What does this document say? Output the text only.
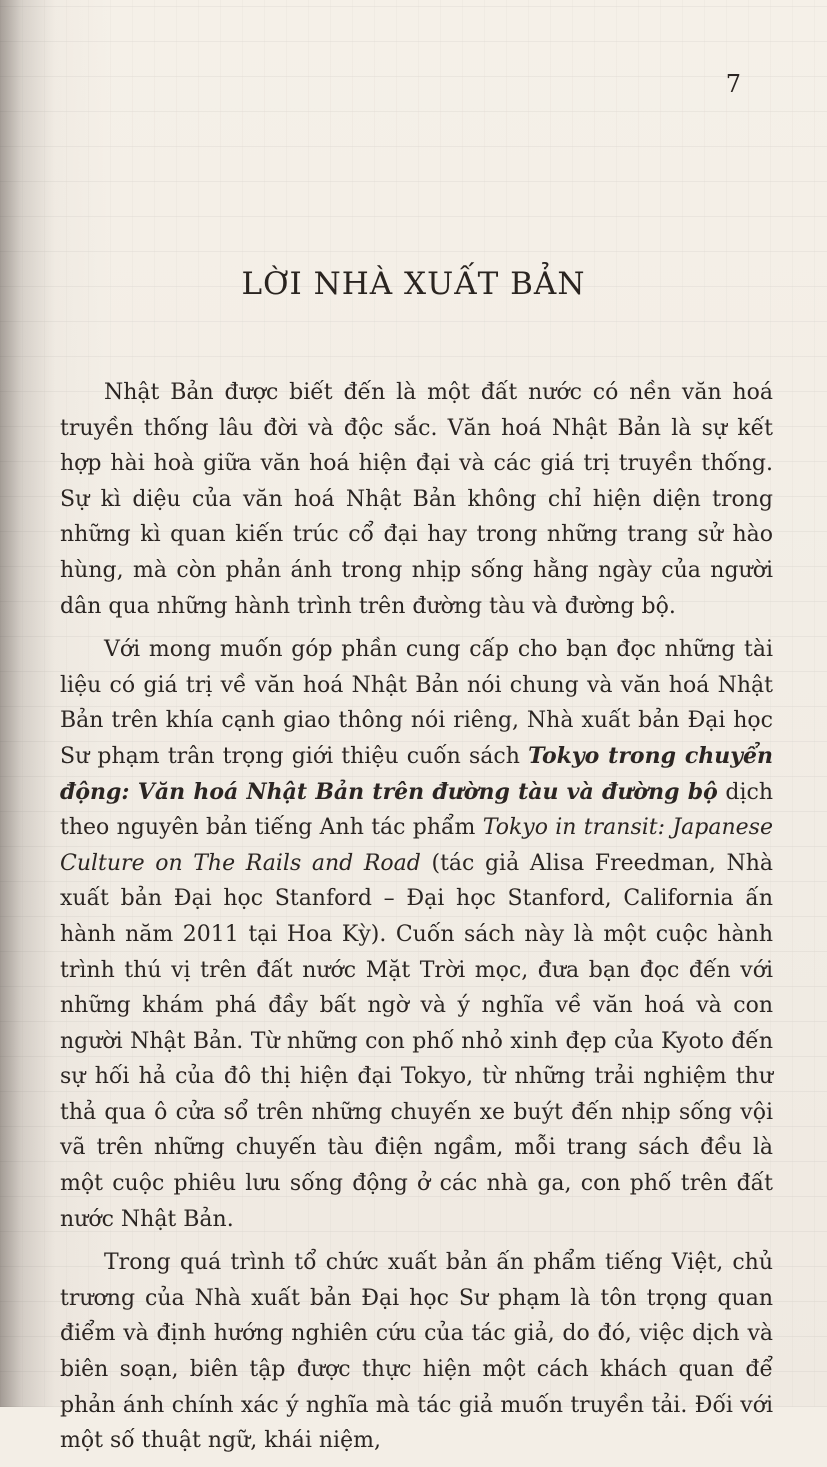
7
LỜI NHÀ XUẤT BẢN

Nhật Bản được biết đến là một đất nước có nền văn hoá truyền thống lâu đời và độc sắc. Văn hoá Nhật Bản là sự kết hợp hài hoà giữa văn hoá hiện đại và các giá trị truyền thống. Sự kì diệu của văn hoá Nhật Bản không chỉ hiện diện trong những kì quan kiến trúc cổ đại hay trong những trang sử hào hùng, mà còn phản ánh trong nhịp sống hằng ngày của người dân qua những hành trình trên đường tàu và đường bộ.

Với mong muốn góp phần cung cấp cho bạn đọc những tài liệu có giá trị về văn hoá Nhật Bản nói chung và văn hoá Nhật Bản trên khía cạnh giao thông nói riêng, Nhà xuất bản Đại học Sư phạm trân trọng giới thiệu cuốn sách Tokyo trong chuyển động: Văn hoá Nhật Bản trên đường tàu và đường bộ dịch theo nguyên bản tiếng Anh tác phẩm Tokyo in transit: Japanese Culture on The Rails and Road (tác giả Alisa Freedman, Nhà xuất bản Đại học Stanford – Đại học Stanford, California ấn hành năm 2011 tại Hoa Kỳ). Cuốn sách này là một cuộc hành trình thú vị trên đất nước Mặt Trời mọc, đưa bạn đọc đến với những khám phá đầy bất ngờ và ý nghĩa về văn hoá và con người Nhật Bản. Từ những con phố nhỏ xinh đẹp của Kyoto đến sự hối hả của đô thị hiện đại Tokyo, từ những trải nghiệm thư thả qua ô cửa sổ trên những chuyến xe buýt đến nhịp sống vội vã trên những chuyến tàu điện ngầm, mỗi trang sách đều là một cuộc phiêu lưu sống động ở các nhà ga, con phố trên đất nước Nhật Bản.

Trong quá trình tổ chức xuất bản ấn phẩm tiếng Việt, chủ trương của Nhà xuất bản Đại học Sư phạm là tôn trọng quan điểm và định hướng nghiên cứu của tác giả, do đó, việc dịch và biên soạn, biên tập được thực hiện một cách khách quan để phản ánh chính xác ý nghĩa mà tác giả muốn truyền tải. Đối với một số thuật ngữ, khái niệm,
